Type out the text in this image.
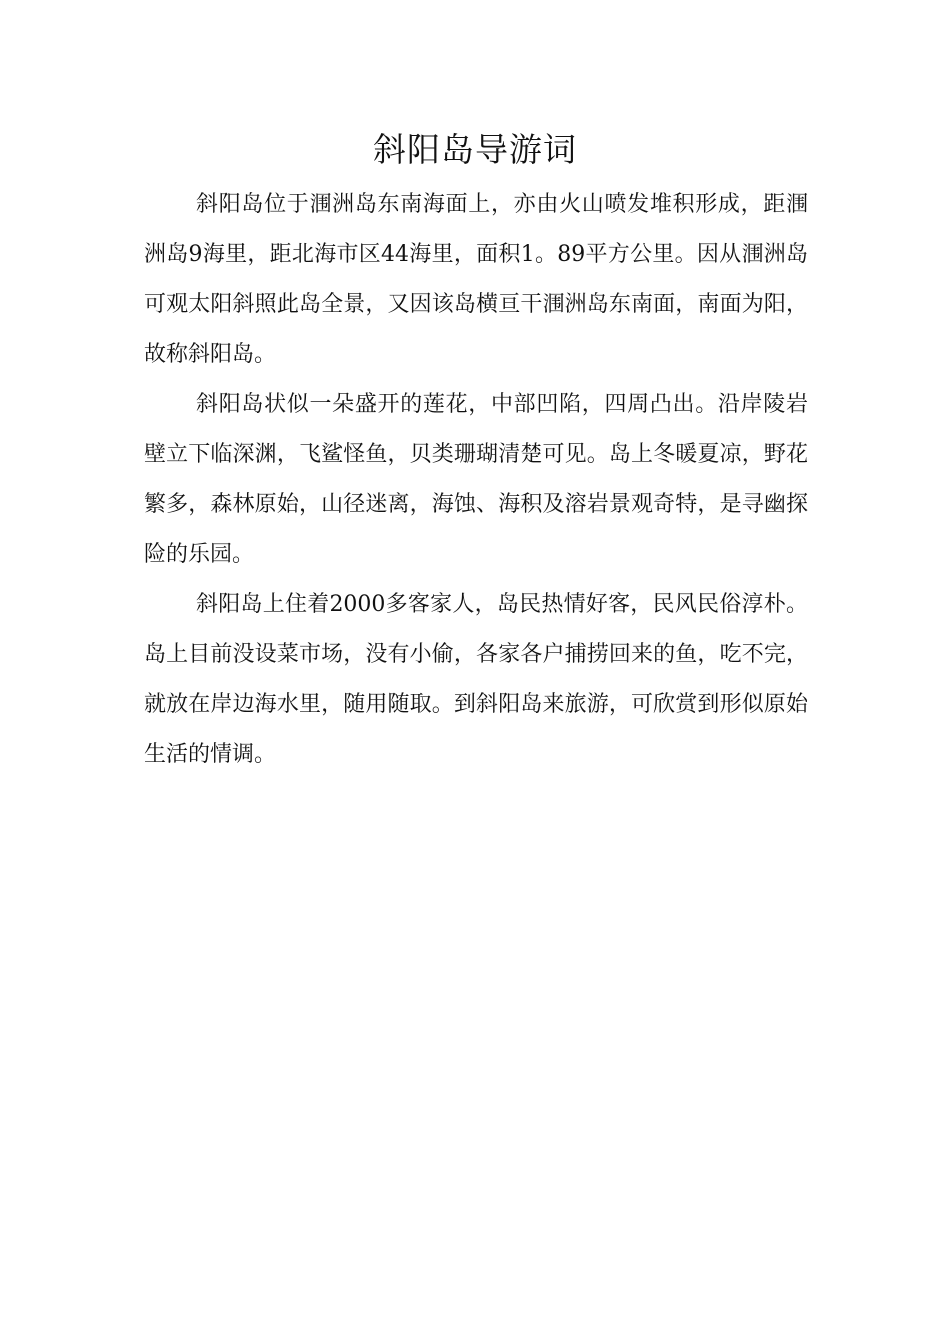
斜阳岛导游词

斜阳岛位于涠洲岛东南海面上，亦由火山喷发堆积形成，距涠洲岛9海里，距北海市区44海里，面积1。89平方公里。因从涠洲岛可观太阳斜照此岛全景，又因该岛横亘干涠洲岛东南面，南面为阳，故称斜阳岛。

斜阳岛状似一朵盛开的莲花，中部凹陷，四周凸出。沿岸陵岩壁立下临深渊，飞鲨怪鱼，贝类珊瑚清楚可见。岛上冬暖夏凉，野花繁多，森林原始，山径迷离，海蚀、海积及溶岩景观奇特，是寻幽探险的乐园。

斜阳岛上住着2000多客家人，岛民热情好客，民风民俗淳朴。岛上目前没设菜市场，没有小偷，各家各户捕捞回来的鱼，吃不完，就放在岸边海水里，随用随取。到斜阳岛来旅游，可欣赏到形似原始生活的情调。
